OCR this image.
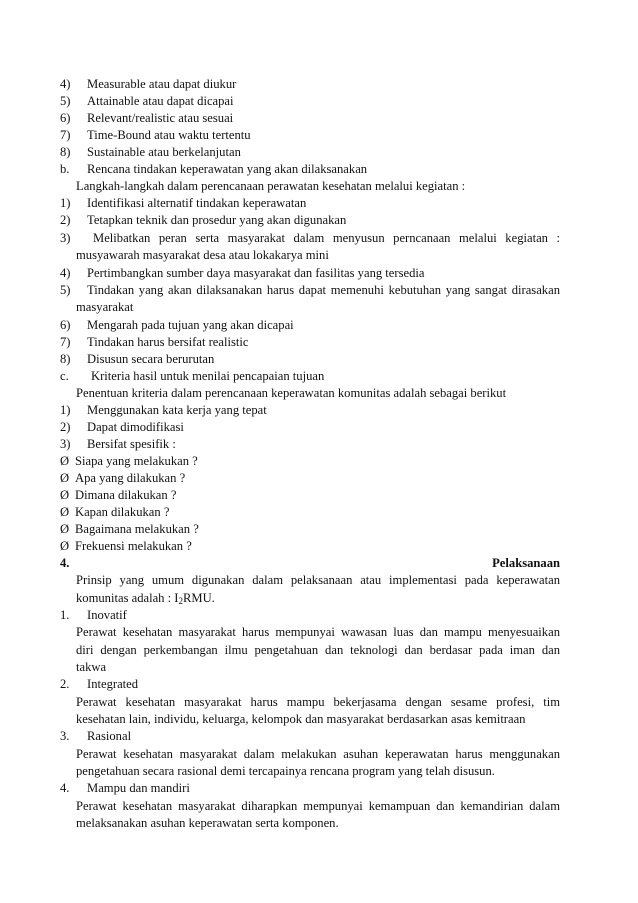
4) Measurable atau dapat diukur
5) Attainable atau dapat dicapai
6) Relevant/realistic atau sesuai
7) Time-Bound atau waktu tertentu
8) Sustainable atau berkelanjutan
b. Rencana tindakan keperawatan yang akan dilaksanakan
Langkah-langkah dalam perencanaan perawatan kesehatan melalui kegiatan :
1) Identifikasi alternatif tindakan keperawatan
2) Tetapkan teknik dan prosedur yang akan digunakan
3) Melibatkan peran serta masyarakat dalam menyusun perncanaan melalui kegiatan :
musyawarah masyarakat desa atau lokakarya mini
4) Pertimbangkan sumber daya masyarakat dan fasilitas yang tersedia
5) Tindakan yang akan dilaksanakan harus dapat memenuhi kebutuhan yang sangat dirasakan
masyarakat
6) Mengarah pada tujuan yang akan dicapai
7) Tindakan harus bersifat realistic
8) Disusun secara berurutan
c. Kriteria hasil untuk menilai pencapaian tujuan
Penentuan kriteria dalam perencanaan keperawatan komunitas adalah sebagai berikut
1) Menggunakan kata kerja yang tepat
2) Dapat dimodifikasi
3) Bersifat spesifik :
Ø Siapa yang melakukan ?
Ø Apa yang dilakukan ?
Ø Dimana dilakukan ?
Ø Kapan dilakukan ?
Ø Bagaimana melakukan ?
Ø Frekuensi melakukan ?
4.	Pelaksanaan
Prinsip yang umum digunakan dalam pelaksanaan atau implementasi pada keperawatan
komunitas adalah : $I_2RMU$.
1. Inovatif
Perawat kesehatan masyarakat harus mempunyai wawasan luas dan mampu menyesuaikan
diri dengan perkembangan ilmu pengetahuan dan teknologi dan berdasar pada iman dan
takwa
2. Integrated
Perawat kesehatan masyarakat harus mampu bekerjasama dengan sesame profesi, tim
kesehatan lain, individu, keluarga, kelompok dan masyarakat berdasarkan asas kemitraan
3. Rasional
Perawat kesehatan masyarakat dalam melakukan asuhan keperawatan harus menggunakan
pengetahuan secara rasional demi tercapainya rencana program yang telah disusun.
4. Mampu dan mandiri
Perawat kesehatan masyarakat diharapkan mempunyai kemampuan dan kemandirian dalam
melaksanakan asuhan keperawatan serta komponen.
